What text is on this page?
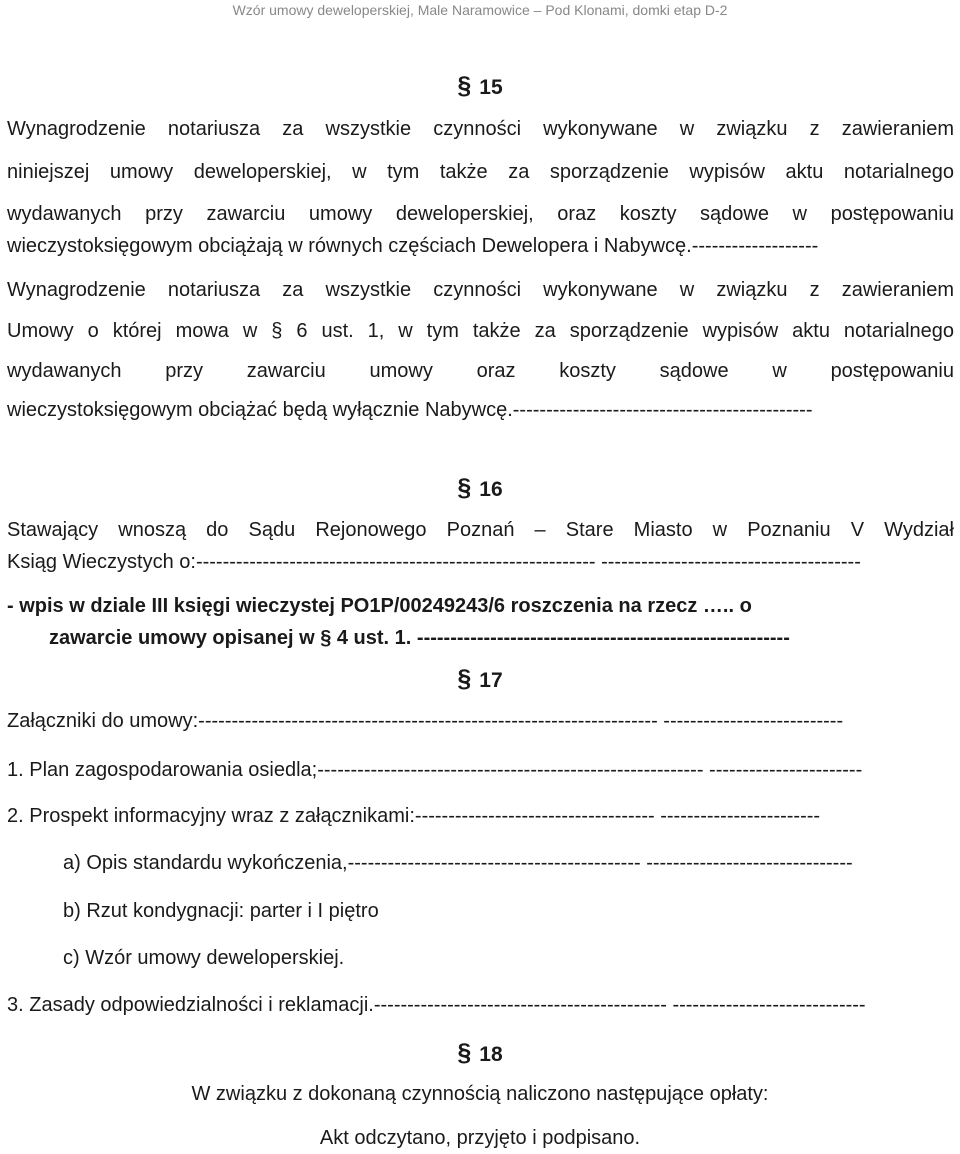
Wzór umowy deweloperskiej, Male Naramowice – Pod Klonami, domki etap D-2
§ 15
Wynagrodzenie notariusza za wszystkie czynności wykonywane w związku z zawieraniem
niniejszej umowy deweloperskiej, w tym także za sporządzenie wypisów aktu notarialnego
wydawanych przy zawarciu umowy deweloperskiej, oraz koszty sądowe w postępowaniu
wieczystoksięgowym obciążają w równych częściach Dewelopera i Nabywcę.-------------------
Wynagrodzenie notariusza za wszystkie czynności wykonywane w związku z zawieraniem
Umowy o której mowa w § 6 ust. 1, w tym także za sporządzenie wypisów aktu notarialnego
wydawanych przy zawarciu umowy oraz koszty sądowe w postępowaniu
wieczystoksięgowym obciążać będą wyłącznie Nabywcę.---------------------------------------------
§ 16
Stawający wnoszą do Sądu Rejonowego Poznań – Stare Miasto w Poznaniu V Wydział
Ksiąg Wieczystych o:------------------------------------------------------------ ---------------------------------------
- wpis w dziale III księgi wieczystej PO1P/00249243/6 roszczenia na rzecz ….. o
zawarcie umowy opisanej w § 4 ust. 1. --------------------------------------------------------
§ 17
Załączniki do umowy:--------------------------------------------------------------------- ---------------------------
1. Plan zagospodarowania osiedla;---------------------------------------------------------- -----------------------
2. Prospekt informacyjny wraz z załącznikami:------------------------------------ ------------------------
a) Opis standardu wykończenia,-------------------------------------------- -------------------------------
b) Rzut kondygnacji: parter i I piętro
c) Wzór umowy deweloperskiej.
3. Zasady odpowiedzialności i reklamacji.-------------------------------------------- -----------------------------
§ 18
W związku z dokonaną czynnością naliczono następujące opłaty:
Akt odczytano, przyjęto i podpisano.
